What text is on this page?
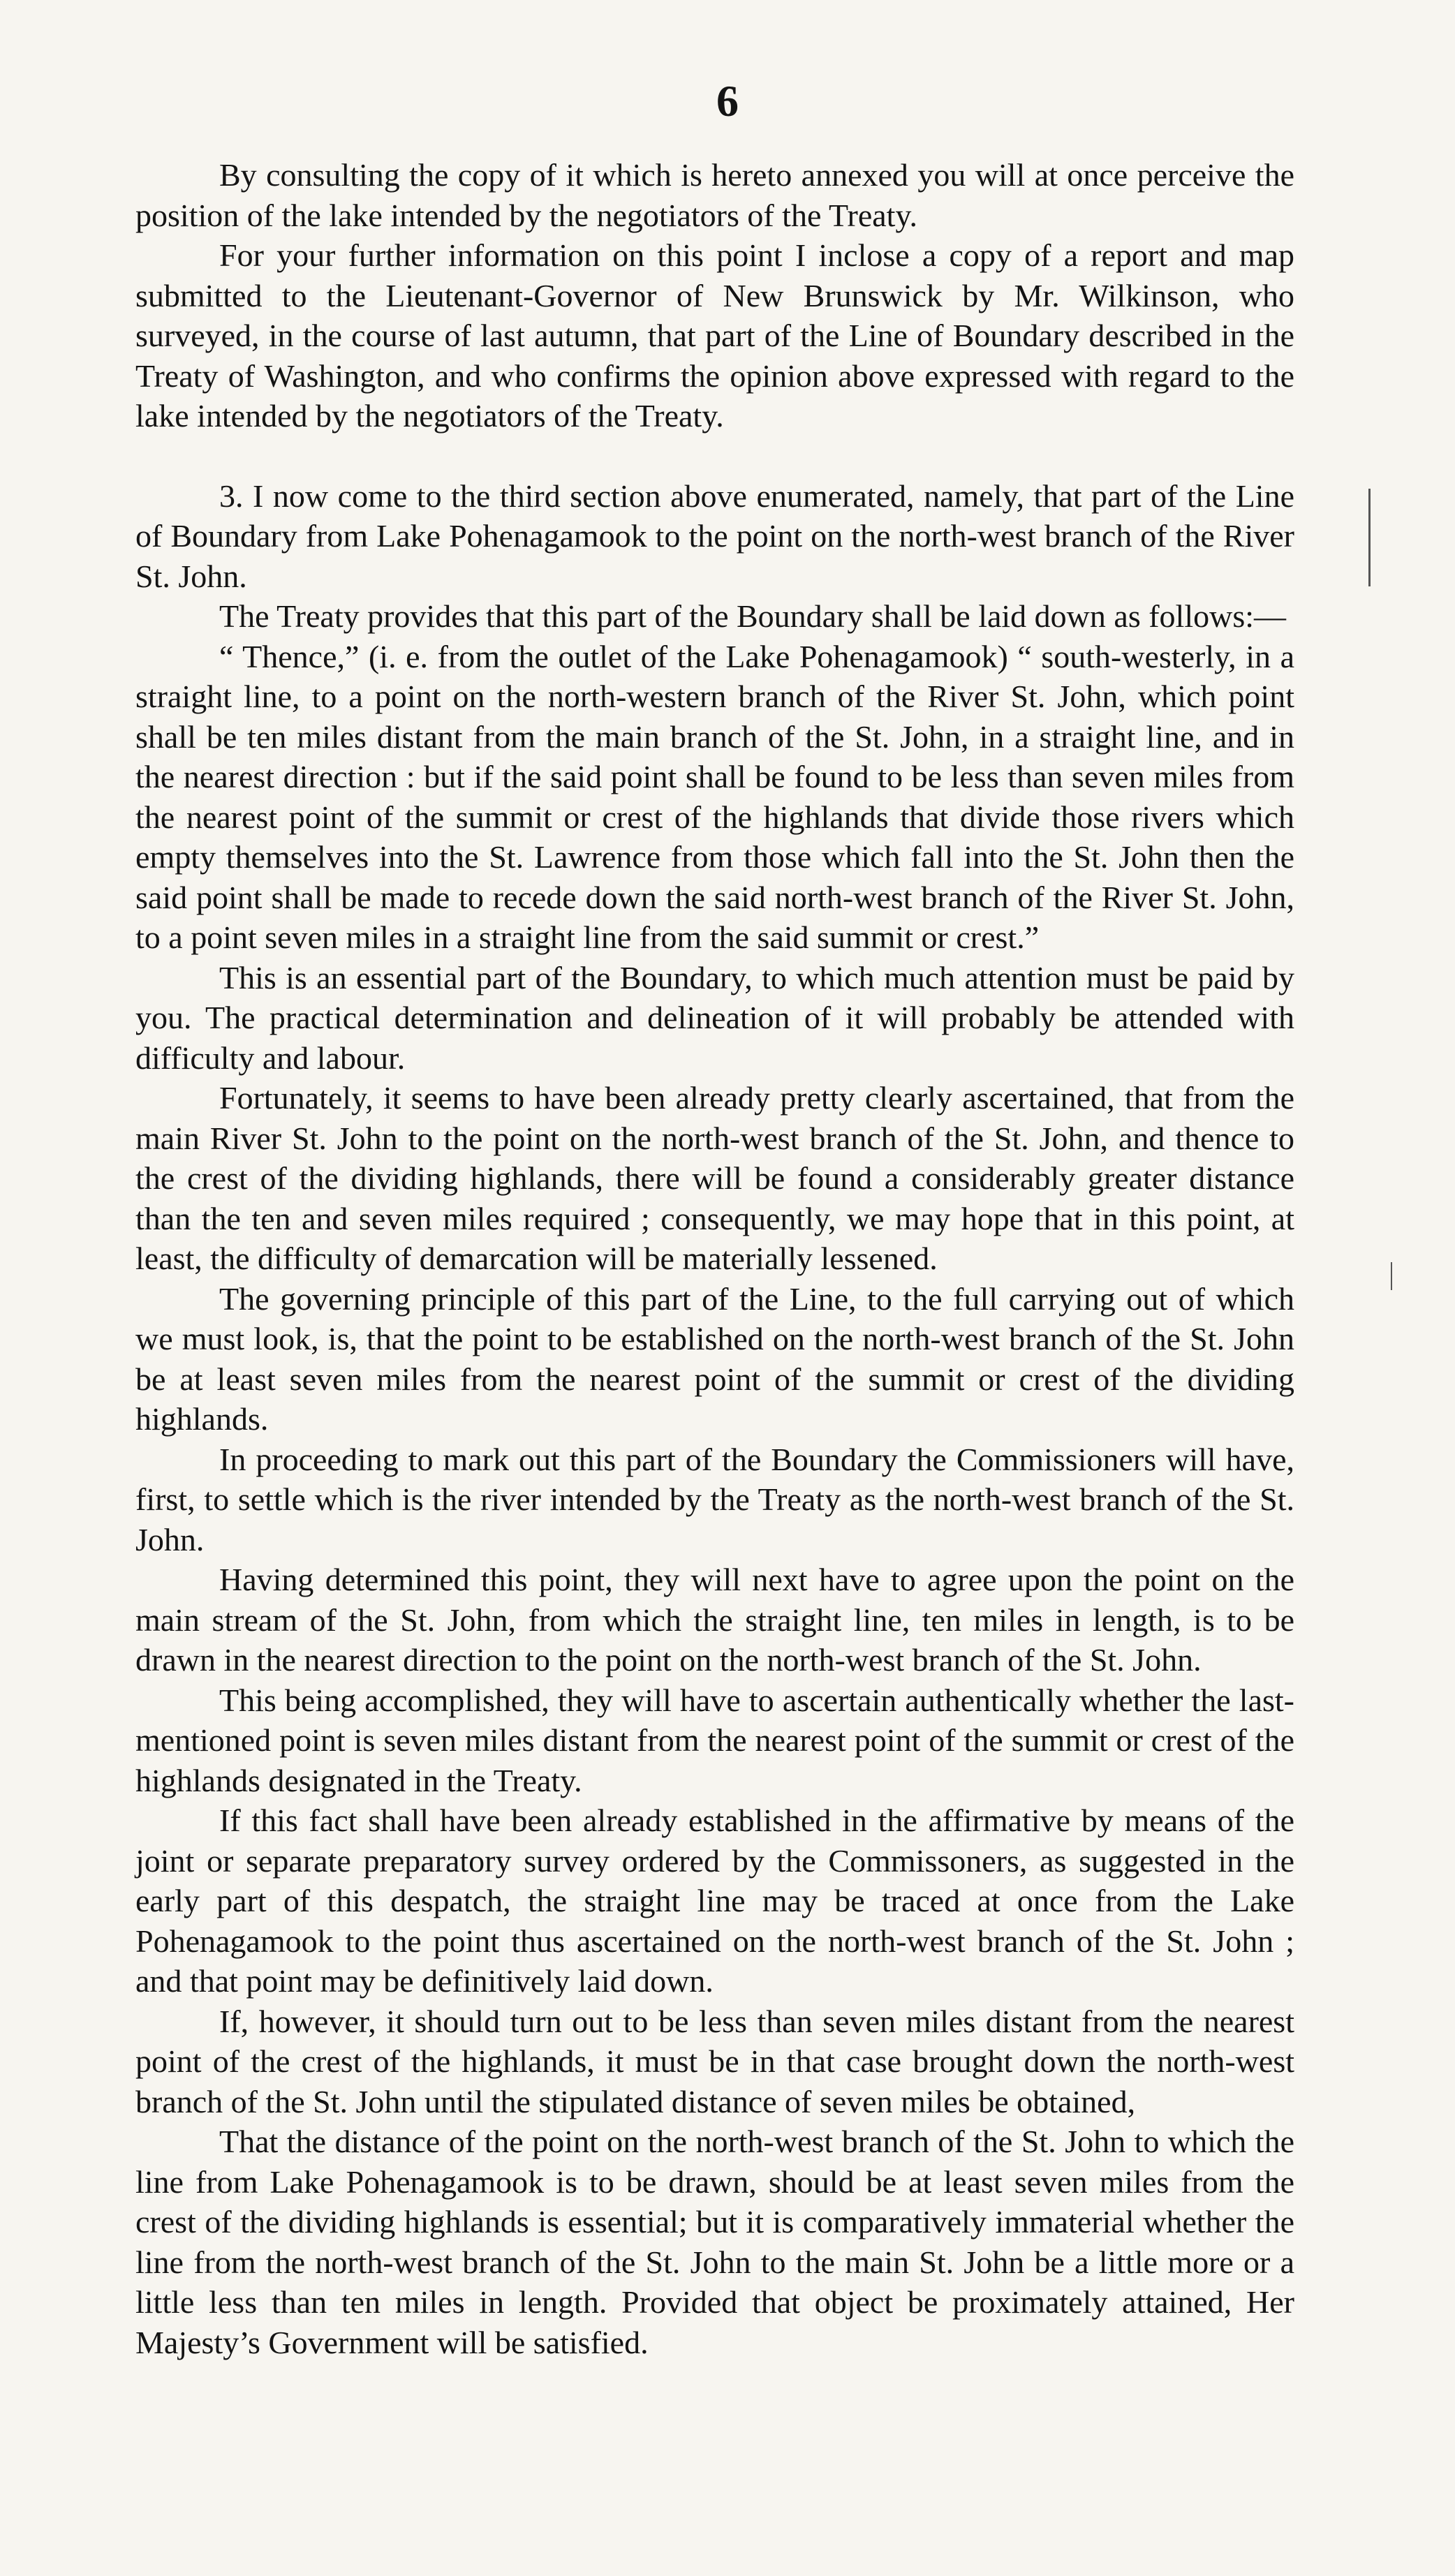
6

By consulting the copy of it which is hereto annexed you will at once perceive the position of the lake intended by the negotiators of the Treaty.

For your further information on this point I inclose a copy of a report and map submitted to the Lieutenant-Governor of New Brunswick by Mr. Wilkinson, who surveyed, in the course of last autumn, that part of the Line of Boundary described in the Treaty of Washington, and who confirms the opinion above expressed with regard to the lake intended by the negotiators of the Treaty.

3. I now come to the third section above enumerated, namely, that part of the Line of Boundary from Lake Pohenagamook to the point on the north-west branch of the River St. John.

The Treaty provides that this part of the Boundary shall be laid down as follows:—

“ Thence,” (i. e. from the outlet of the Lake Pohenagamook) “ south-westerly, in a straight line, to a point on the north-western branch of the River St. John, which point shall be ten miles distant from the main branch of the St. John, in a straight line, and in the nearest direction : but if the said point shall be found to be less than seven miles from the nearest point of the summit or crest of the highlands that divide those rivers which empty themselves into the St. Lawrence from those which fall into the St. John then the said point shall be made to recede down the said north-west branch of the River St. John, to a point seven miles in a straight line from the said summit or crest.”

This is an essential part of the Boundary, to which much attention must be paid by you. The practical determination and delineation of it will probably be attended with difficulty and labour.

Fortunately, it seems to have been already pretty clearly ascertained, that from the main River St. John to the point on the north-west branch of the St. John, and thence to the crest of the dividing highlands, there will be found a considerably greater distance than the ten and seven miles required ; consequently, we may hope that in this point, at least, the difficulty of demarcation will be materially lessened.

The governing principle of this part of the Line, to the full carrying out of which we must look, is, that the point to be established on the north-west branch of the St. John be at least seven miles from the nearest point of the summit or crest of the dividing highlands.

In proceeding to mark out this part of the Boundary the Commissioners will have, first, to settle which is the river intended by the Treaty as the north-west branch of the St. John.

Having determined this point, they will next have to agree upon the point on the main stream of the St. John, from which the straight line, ten miles in length, is to be drawn in the nearest direction to the point on the north-west branch of the St. John.

This being accomplished, they will have to ascertain authentically whether the last-mentioned point is seven miles distant from the nearest point of the summit or crest of the highlands designated in the Treaty.

If this fact shall have been already established in the affirmative by means of the joint or separate preparatory survey ordered by the Commissoners, as suggested in the early part of this despatch, the straight line may be traced at once from the Lake Pohenagamook to the point thus ascertained on the north-west branch of the St. John ; and that point may be definitively laid down.

If, however, it should turn out to be less than seven miles distant from the nearest point of the crest of the highlands, it must be in that case brought down the north-west branch of the St. John until the stipulated distance of seven miles be obtained,

That the distance of the point on the north-west branch of the St. John to which the line from Lake Pohenagamook is to be drawn, should be at least seven miles from the crest of the dividing highlands is essential; but it is comparatively immaterial whether the line from the north-west branch of the St. John to the main St. John be a little more or a little less than ten miles in length. Provided that object be proximately attained, Her Majesty’s Government will be satisfied.
